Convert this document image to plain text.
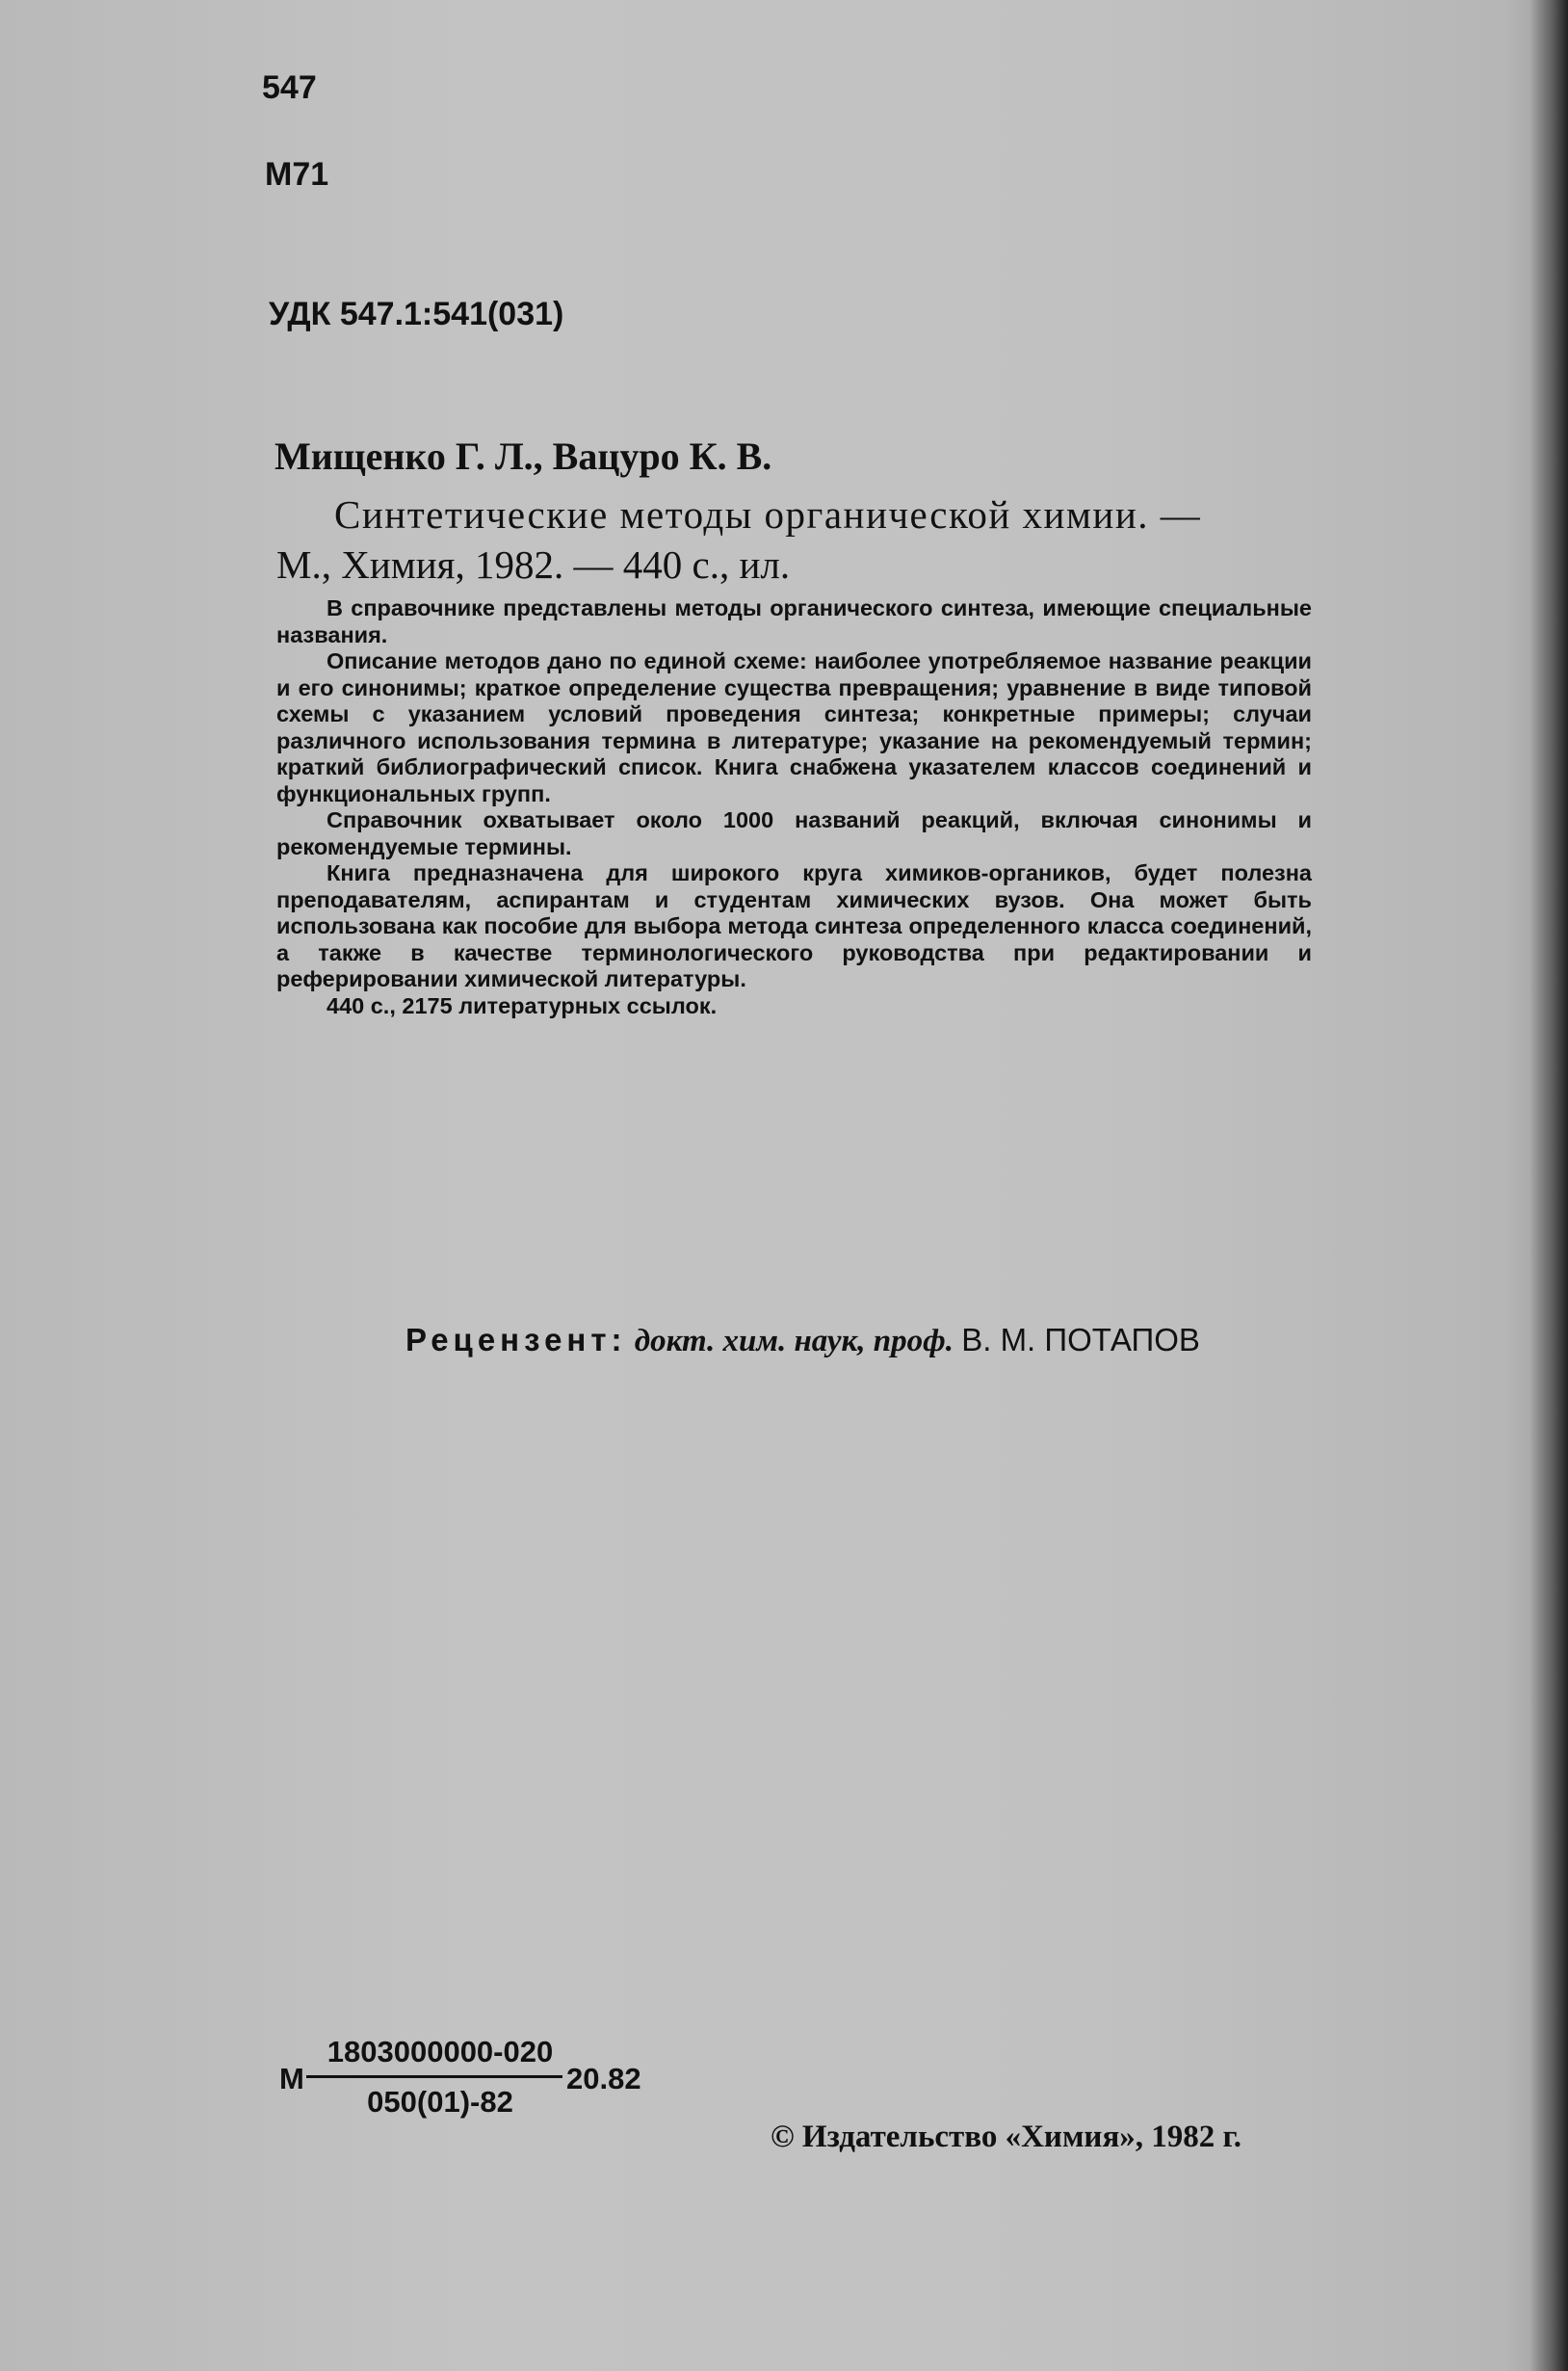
547
М71
УДК 547.1:541(031)
Мищенко Г. Л., Вацуро К. В.
Синтетические методы органической химии. —
М., Химия, 1982. — 440 с., ил.

В справочнике представлены методы органического синтеза, имеющие специальные названия.

Описание методов дано по единой схеме: наиболее употребляемое название реакции и его синонимы; краткое определение существа превращения; уравнение в виде типовой схемы с указанием условий проведения синтеза; конкретные примеры; случаи различного использования термина в литературе; указание на рекомендуемый термин; краткий библиографический список. Книга снабжена указателем классов соединений и функциональных групп.

Справочник охватывает около 1000 названий реакций, включая синонимы и рекомендуемые термины.

Книга предназначена для широкого круга химиков-органиков, будет полезна преподавателям, аспирантам и студентам химических вузов. Она может быть использована как пособие для выбора метода синтеза определенного класса соединений, а также в качестве терминологического руководства при редактировании и реферировании химической литературы.

440 с., 2175 литературных ссылок.

Рецензент: докт. хим. наук, проф. В. М. ПОТАПОВ
М
1803000000-020
050(01)-82
20.82
© Издательство «Химия», 1982 г.
